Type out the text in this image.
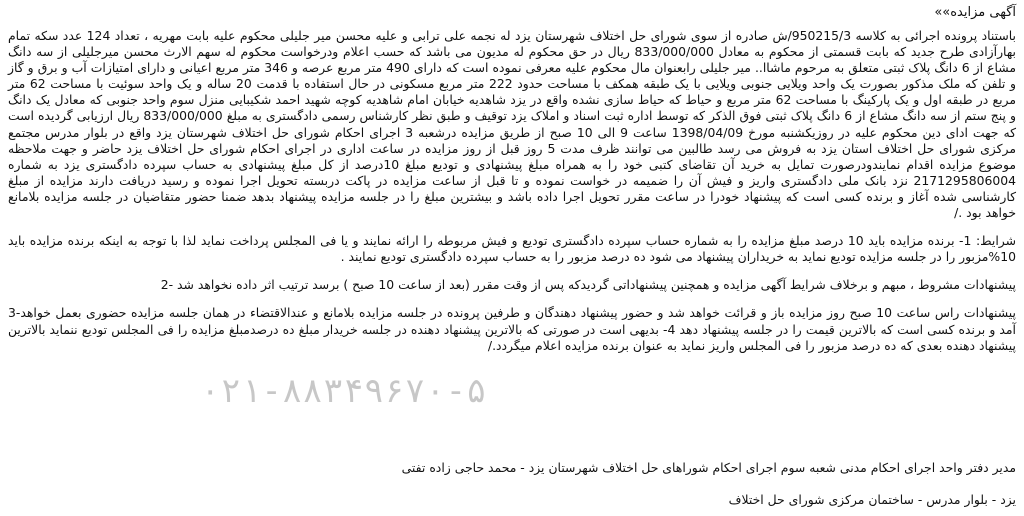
آگهی مزایده»»

باستناد پرونده اجرائی به کلاسه 950215/3/ش صادره از سوی شورای حل اختلاف شهرستان یزد له نجمه علی ترابی و علیه محسن میر جلیلی محکوم علیه بابت مهریه ، تعداد 124 عدد سکه تمام بهارآزادی طرح جدید که بابت قسمتی از محکوم به معادل 833/000/000 ریال در حق محکوم له مدیون می باشد که حسب اعلام ودرخواست محکوم له سهم الارث محسن میرجلیلی از سه دانگ مشاع از 6 دانگ پلاک ثبتی متعلق به مرحوم ماشاا.. میر جلیلی رابعنوان مال محکوم علیه معرفی نموده است که دارای 490 متر مربع عرصه و 346 متر مربع اعیانی و دارای امتیازات آب و برق و گاز و تلفن که ملک مذکور بصورت یک واحد ویلایی جنوبی ویلایی با یک طبقه همکف با مساحت حدود 222 متر مربع مسکونی در حال استفاده با قدمت 20 ساله و یک واحد سوئیت با مساحت 62 متر مربع در طبقه اول و یک پارکینگ با مساحت 62 متر مربع و حیاط که حیاط سازی نشده واقع در یزد شاهدیه خیابان امام شاهدیه کوچه شهید احمد شکیبایی منزل سوم واحد جنوبی که معادل یک دانگ و پنج ستم از سه دانگ مشاع از 6 دانگ پلاک ثبتی فوق الذکر که توسط اداره ثبت اسناد و املاک یزد توقیف و طبق نظر کارشناس رسمی دادگستری به مبلغ 833/000/000 ریال ارزیابی گردیده است که جهت ادای دین محکوم علیه در روزیکشنبه مورخ 1398/04/09 ساعت 9 الی 10 صبح از طریق مزایده درشعبه 3 اجرای احکام شورای حل اختلاف شهرستان یزد واقع در بلوار مدرس مجتمع مرکزی شورای حل اختلاف استان یزد به فروش می رسد طالبین می توانند ظرف مدت 5 روز قبل از روز مزایده در ساعت اداری در اجرای احکام شورای حل اختلاف یزد حاضر و جهت ملاحظه موضوع مزایده اقدام نمایندودرصورت تمایل به خرید آن تقاضای کتبی خود را به همراه مبلغ پیشنهادی و تودیع مبلغ 10درصد از کل مبلغ پیشنهادی به حساب سپرده دادگستری یزد به شماره 2171295806004 نزد بانک ملی دادگستری واریز و فیش آن را ضمیمه در خواست نموده و تا قبل از ساعت مزایده در پاکت دربسته تحویل اجرا نموده و رسید دریافت دارند مزایده از مبلغ کارشناسی شده آغاز و برنده کسی است که پیشنهاد خودرا در ساعت مقرر تحویل اجرا داده باشد و بیشترین مبلغ را در جلسه مزایده پیشنهاد بدهد ضمنا حضور متقاضیان در جلسه مزایده بلامانع خواهد بود ./

شرایط: 1- برنده مزایده باید 10 درصد مبلغ مزایده را به شماره حساب سپرده دادگستری تودیع و فیش مربوطه را ارائه نمایند و یا فی المجلس پرداخت نماید لذا با توجه به اینکه برنده مزایده باید 10%مزبور را در جلسه مزایده تودیع نماید به خریداران پیشنهاد می شود ده درصد مزبور را به حساب سپرده دادگستری تودیع نمایند .

پیشنهادات مشروط ، مبهم و برخلاف شرایط آگهی مزایده و همچنین پیشنهاداتی گردیدکه پس از وقت مقرر (بعد از ساعت 10 صبح ) برسد ترتیب اثر داده نخواهد شد -2

پیشنهادات راس ساعت 10 صبح روز مزایده باز و قرائت خواهد شد و حضور پیشنهاد دهندگان و طرفین پرونده در جلسه مزایده بلامانع و عندالاقتضاء در همان جلسه مزایده حضوری بعمل خواهد-3 آمد و برنده کسی است که بالاترین قیمت را در جلسه پیشنهاد دهد 4- بدیهی است در صورتی که بالاترین پیشنهاد دهنده در جلسه خریدار مبلغ ده درصدمبلغ مزایده را فی المجلس تودیع ننماید بالاترین پیشنهاد دهنده بعدی که ده درصد مزبور را فی المجلس واریز نماید به عنوان برنده مزایده اعلام میگردد./

مدیر دفتر واحد اجرای احکام مدنی شعبه سوم اجرای احکام شوراهای حل اختلاف شهرستان یزد - محمد حاجی زاده تفتی

یزد - بلوار مدرس - ساختمان مرکزی شورای حل اختلاف

۰۲۱-۸۸۳۴۹۶۷۰-۵
